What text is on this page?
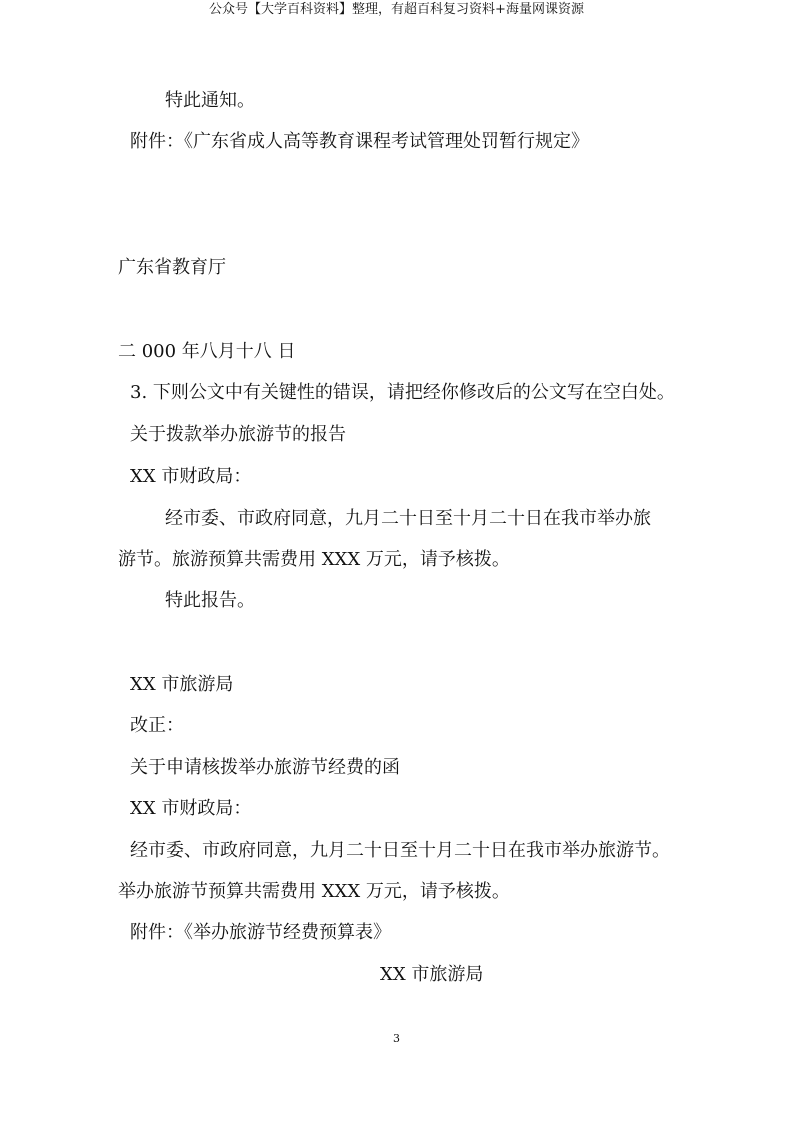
公众号【大学百科资料】整理，有超百科复习资料+海量网课资源
特此通知。
附件：《广东省成人高等教育课程考试管理处罚暂行规定》
广东省教育厅
二 000 年八月十八 日
3. 下则公文中有关键性的错误，请把经你修改后的公文写在空白处。
关于拨款举办旅游节的报告
XX 市财政局：
经市委、市政府同意，九月二十日至十月二十日在我市举办旅
游节。旅游预算共需费用 XXX 万元，请予核拨。
特此报告。
XX 市旅游局
改正：
关于申请核拨举办旅游节经费的函
XX 市财政局：
经市委、市政府同意，九月二十日至十月二十日在我市举办旅游节。
举办旅游节预算共需费用 XXX 万元，请予核拨。
附件：《举办旅游节经费预算表》
XX 市旅游局
3
